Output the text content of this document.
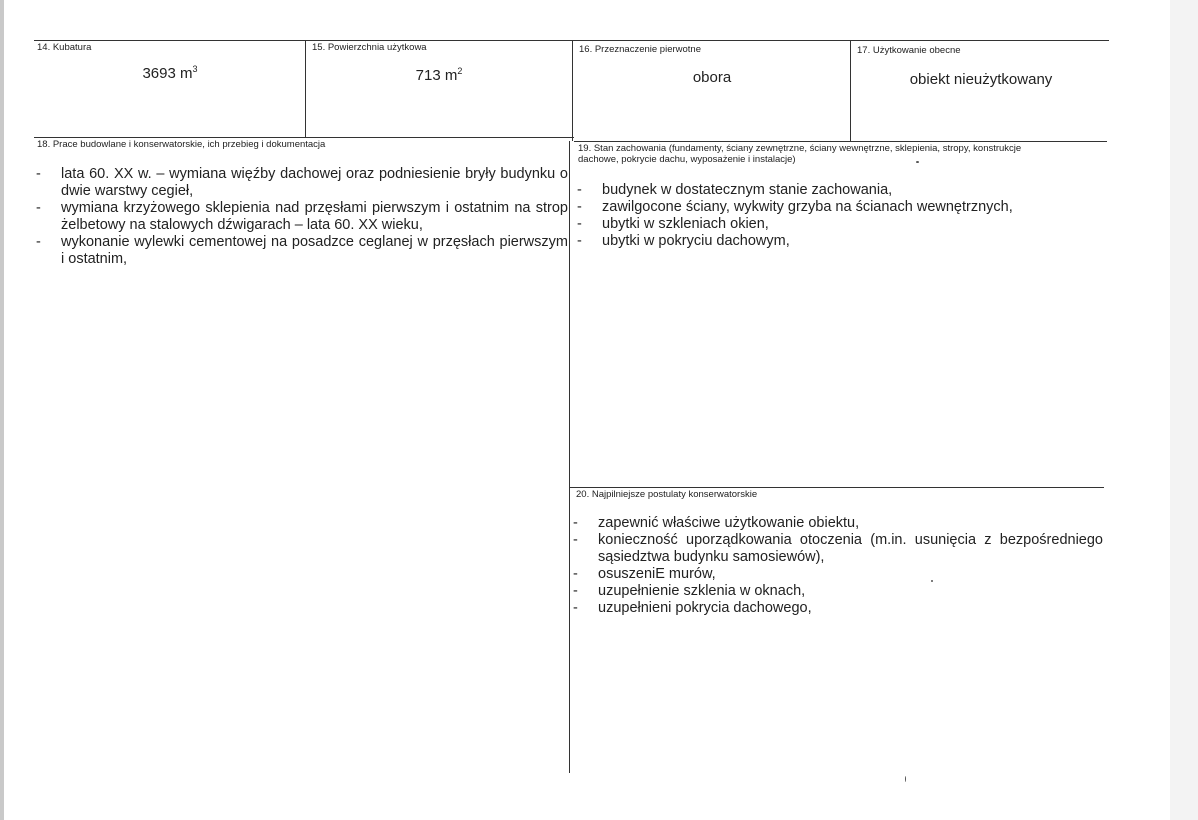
14. Kubatura
3693 $m^3$
15. Powierzchnia użytkowa
713 $m^2$
16. Przeznaczenie pierwotne
obora
17. Użytkowanie obecne
obiekt nieużytkowany
18. Prace budowlane i konserwatorskie, ich przebieg i dokumentacja
- lata 60. XX w. – wymiana więźby dachowej oraz podniesienie bryły budynku o dwie warstwy cegieł,
- wymiana krzyżowego sklepienia nad przęsłami pierwszym i ostatnim na strop żelbetowy na stalowych dźwigarach – lata 60. XX wieku,
- wykonanie wylewki cementowej na posadzce ceglanej w przęsłach pierwszym i ostatnim,
19. Stan zachowania (fundamenty, ściany zewnętrzne, ściany wewnętrzne, sklepienia, stropy, konstrukcje dachowe, pokrycie dachu, wyposażenie i instalacje)
- budynek w dostatecznym stanie zachowania,
- zawilgocone ściany, wykwity grzyba na ścianach wewnętrznych,
- ubytki w szkleniach okien,
- ubytki w pokryciu dachowym,
20. Najpilniejsze postulaty konserwatorskie
- zapewnić właściwe użytkowanie obiektu,
- konieczność uporządkowania otoczenia (m.in. usunięcia z bezpośredniego sąsiedztwa budynku samosiewów),
- osuszeniE murów,
- uzupełnienie szklenia w oknach,
- uzupełnieni pokrycia dachowego,
